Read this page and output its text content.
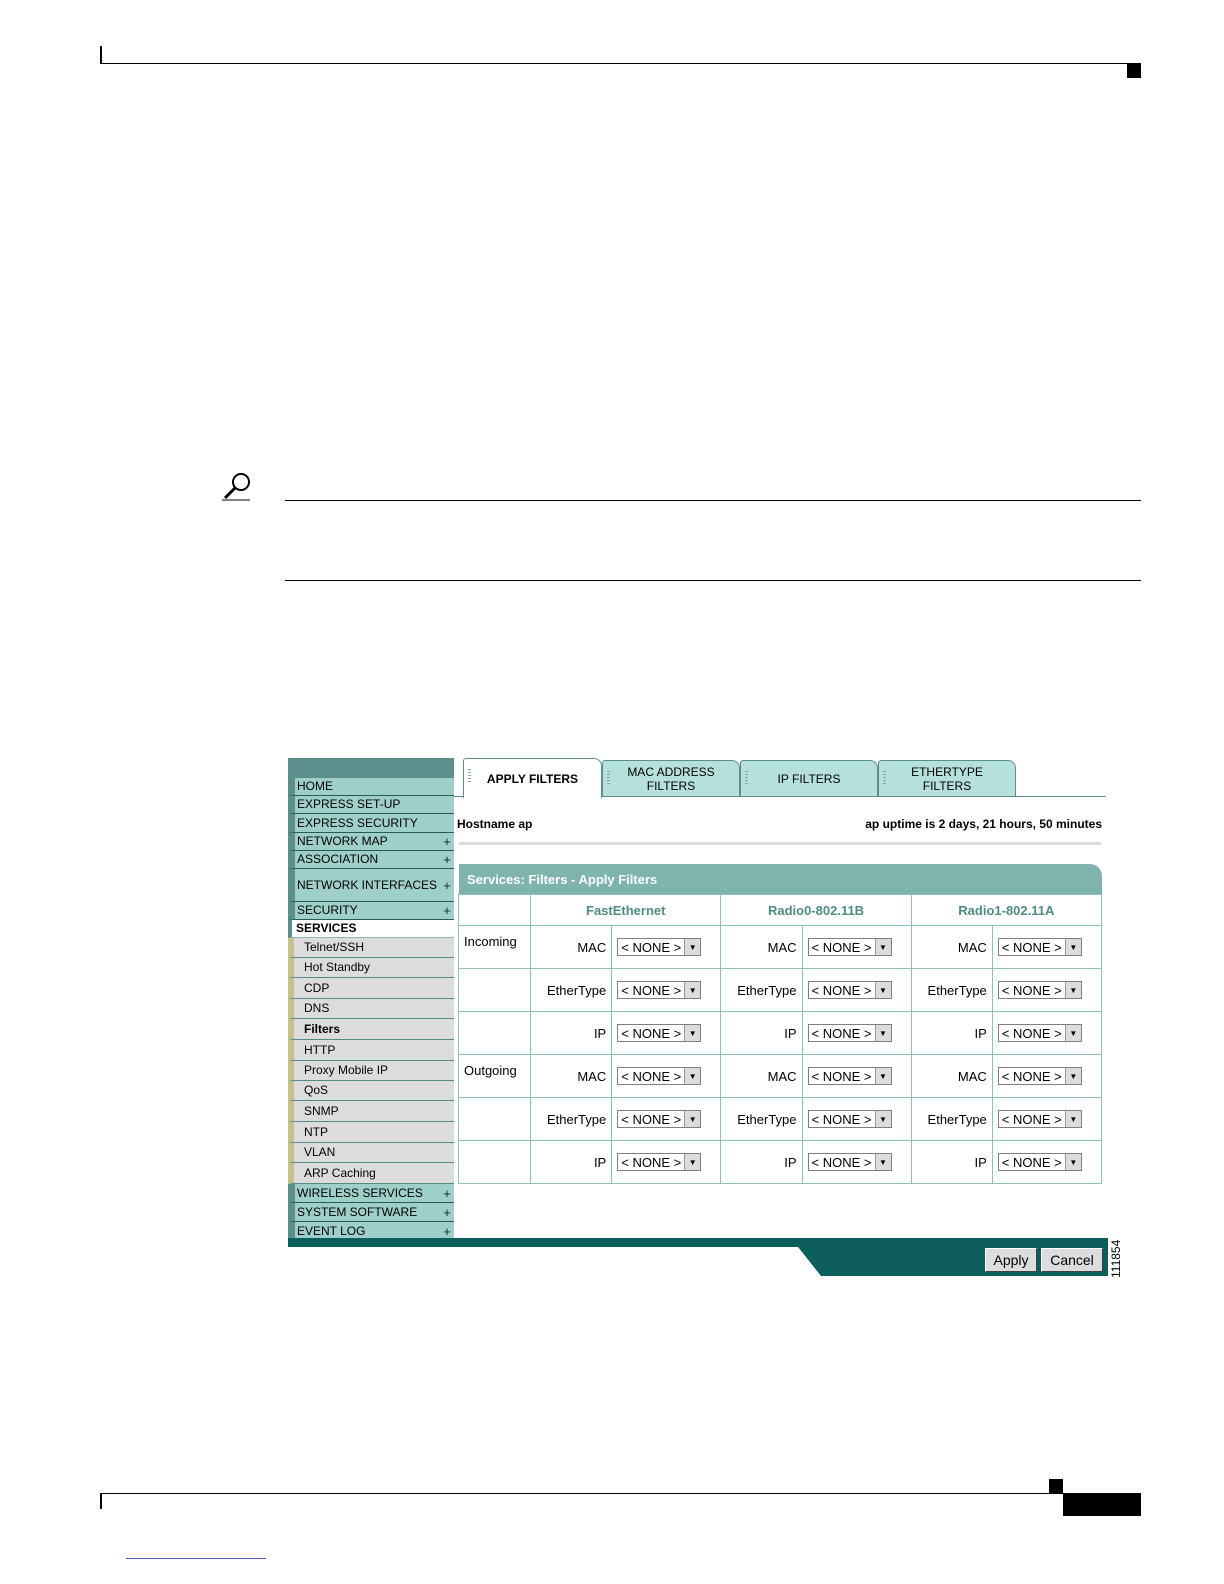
HOME
EXPRESS SET-UP
EXPRESS SECURITY
NETWORK MAP	+
ASSOCIATION	+
NETWORK INTERFACES +
SECURITY	+
SERVICES
Telnet/SSH
Hot Standby
CDP
DNS
Filters
HTTP
Proxy Mobile IP
QoS
SNMP
NTP
VLAN
ARP Caching
WIRELESS SERVICES	+
SYSTEM SOFTWARE	+
EVENT LOG	+
APPLY FILTERS	MAC ADDRESS FILTERS	IP FILTERS	ETHERTYPE FILTERS
Hostname ap	ap uptime is 2 days, 21 hours, 50 minutes
Services: Filters - Apply Filters
	FastEthernet		Radio0-802.11B		Radio1-802.11A	
Incoming	MAC	< NONE > ▼	MAC	< NONE > ▼	MAC	< NONE > ▼

	EtherType	< NONE > ▼	EtherType	< NONE > ▼	EtherType	< NONE > ▼

	IP	< NONE > ▼	IP	< NONE > ▼	IP	< NONE > ▼

Outgoing	MAC	< NONE > ▼	MAC	< NONE > ▼	MAC	< NONE > ▼

	EtherType	< NONE > ▼	EtherType	< NONE > ▼	EtherType	< NONE > ▼

	IP	< NONE > ▼	IP	< NONE > ▼	IP	< NONE > ▼
Apply	Cancel	111854
